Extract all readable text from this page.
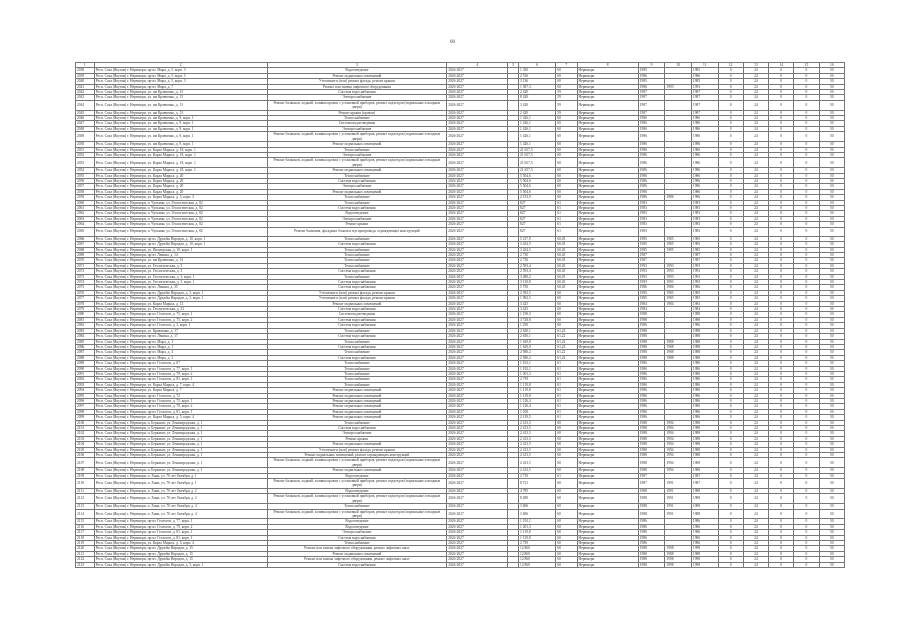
60
1	2	3	4	5	6	7	8	9	10	11	12	13	14	15	16
2038	Респ. Саха (Якутия) г. Нерюнгри, пр-кт. Мира, д. 5, корп. 3	Водоотведение	2026-2027		1 330	60	Нерюнгри	1985		1985	0	24	0	0	50
2039	Респ. Саха (Якутия) г. Нерюнгри, пр-кт. Мира, д. 5, корп. 3	Ремонт подвальных помещений	2026-2027		2 516	60	Нерюнгри	1986		1986	0	24	0	0	50
2040	Респ. Саха (Якутия) г. Нерюнгри, пр-кт. Мира, д. 5, корп. 3	Утепление и (или) ремонт фасада, ремонт крыши	2026-2027		3 136	60	Нерюнгри	1985		1985	0	24	0	0	50
2041	Респ. Саха (Якутия) г. Нерюнгри, пр-кт. Мира, д. 7	Ремонт или замена лифтового оборудования	2026-2027		1 587,3	60	Нерюнгри	1986	1993	1993	0	24	0	0	50
2042	Респ. Саха (Якутия) г. Нерюнгри, ул. им Кравченко, д. 13	Система водоснабжения	2026-2027		2 420	59	Нерюнгри	1987		1987	0	24	0	0	50
2043	Респ. Саха (Якутия) г. Нерюнгри, ул. им Кравченко, д. 13	Электроснабжение	2026-2027		8 420	59	Нерюнгри	1987		1987	0	24	0	0	50
2044	Респ. Саха (Якутия) г. Нерюнгри, ул. им Кравченко, д. 13	Ремонт балконов, лоджий, заливка кровли с установкой приборов, ремонт подъездов (подвальные и входные двери)	2026-2027		3 420	59	Нерюнгри	1987		1987	0	24	0	0	50
2045	Респ. Саха (Якутия) г. Нерюнгри, ул. им Кравченко, д. 13	Ремонт крыши (кровли)	2026-2027		2 420	59	Нерюнгри	1987		1987	0	24	0	0	50
2046	Респ. Саха (Якутия) г. Нерюнгри, ул. им Кравченко, д. 9, корп. 1	Теплоснабжение	2026-2027		1 426,1	60	Нерюнгри	1986		1986	0	24	0	0	50
2047	Респ. Саха (Якутия) г. Нерюнгри, ул. им Кравченко, д. 9, корп. 1	Система водоотведения	2026-2027		1 426,1	60	Нерюнгри	1986		1986	0	24	0	0	50
2048	Респ. Саха (Якутия) г. Нерюнгри, ул. им Кравченко, д. 9, корп. 1	Электроснабжение	2026-2027		1 426,1	60	Нерюнгри	1986		1986	0	24	0	0	50
2049	Респ. Саха (Якутия) г. Нерюнгри, ул. им Кравченко, д. 9, корп. 1	Ремонт балконов, лоджий, заливка кровли с установкой приборов, ремонт подъездов (подвальные и входные двери)	2026-2027		1 426,1	60	Нерюнгри	1986		1986	0	24	0	0	50
2050	Респ. Саха (Якутия) г. Нерюнгри, ул. им Кравченко, д. 9, корп. 1	Ремонт подвальных помещений	2026-2027		1 426,1	60	Нерюнгри	1986		1986	0	24	0	0	50
2051	Респ. Саха (Якутия) г. Нерюнгри, ул. Карла Маркса, д. 18, корп. 1	Теплоснабжение	2026-2027		21 657,3	60	Нерюнгри	1986		1986	0	24	0	0	50
2052	Респ. Саха (Якутия) г. Нерюнгри, ул. Карла Маркса, д. 18, корп. 1	Электроснабжение	2026-2027		21 657,3	60	Нерюнгри	1986		1986	0	24	0	0	50
2053	Респ. Саха (Якутия) г. Нерюнгри, ул. Карла Маркса, д. 18, корп. 1	Ремонт балконов, лоджий, заливка кровли с установкой приборов, ремонт подъездов (подвальные и входные двери)	2026-2027		21 657,3	60	Нерюнгри	1986		1986	0	24	0	0	50
2054	Респ. Саха (Якутия) г. Нерюнгри, ул. Карла Маркса, д. 18, корп. 1	Ремонт подвальных помещений	2026-2027		21 657,3	60	Нерюнгри	1986		1986	0	24	0	0	50
2055	Респ. Саха (Якутия) г. Нерюнгри, ул. Карла Маркса, д. 20	Теплоснабжение	2026-2027		5 504,6	60	Нерюнгри	1986		1986	0	24	0	0	50
2056	Респ. Саха (Якутия) г. Нерюнгри, ул. Карла Маркса, д. 20	Система водоснабжения	2026-2027		5 504,6	60	Нерюнгри	1986		1986	0	24	0	0	50
2057	Респ. Саха (Якутия) г. Нерюнгри, ул. Карла Маркса, д. 20	Электроснабжение	2026-2027		5 504,6	60	Нерюнгри	1986		1986	0	24	0	0	50
2058	Респ. Саха (Якутия) г. Нерюнгри, ул. Карла Маркса, д. 20	Ремонт подвальных помещений	2026-2027		5 504,6	60	Нерюнгри	1986		1986	0	24	0	0	50
2059	Респ. Саха (Якутия) г. Нерюнгри, ул. Карла Маркса, д. 5, корп. 3	Теплоснабжение	2026-2027		2 153,9	60	Нерюнгри	1986	1986	1986	0	24	0	0	50
2060	Респ. Саха (Якутия) г. Нерюнгри, п. Чульман, ул. Геологическая, д. 82	Теплоснабжение	2026-2027		827	61	Нерюнгри	1983		1983	0	24	0	0	50
2061	Респ. Саха (Якутия) г. Нерюнгри, п. Чульман, ул. Геологическая, д. 82	Система водоснабжения	2026-2027		827	61	Нерюнгри	1983		1983	0	24	0	0	50
2062	Респ. Саха (Якутия) г. Нерюнгри, п. Чульман, ул. Геологическая, д. 82	Водоотведение	2026-2027		827	61	Нерюнгри	1983		1983	0	24	0	0	50
2063	Респ. Саха (Якутия) г. Нерюнгри, п. Чульман, ул. Геологическая, д. 82	Электроснабжение	2026-2027		827	61	Нерюнгри	1983		1983	0	24	0	0	50
2064	Респ. Саха (Якутия) г. Нерюнгри, п. Чульман, ул. Геологическая, д. 82	Ремонт крыши	2026-2027		827	61	Нерюнгри	1983		1983	0	24	0	0	50
2065	Респ. Саха (Якутия) г. Нерюнгри, п. Чульман, ул. Геологическая, д. 82	Ремонт балконов, фасадных блоков и мусоропровода, ограждающих конструкций	2026-2027		827	61	Нерюнгри	1983		1983	0	24	0	0	50
2066	Респ. Саха (Якутия) г. Нерюнгри, пр-кт. Дружбы Народов, д. 10, корп. 1	Теплоснабжение	2026-2027		5 217,9	60,45	Нерюнгри	1985	1985	1985	0	24	0	0	50
2067	Респ. Саха (Якутия) г. Нерюнгри, пр-кт. Дружбы Народов, д. 10, корп. 1	Система водоснабжения	2026-2027		3 434,5	60,45	Нерюнгри	1985	1985	1985	0	24	0	0	50
2068	Респ. Саха (Якутия) г. Нерюнгри, ул. Пионерская, д. 10, корп. 1	Теплоснабжение	2026-2027		3 434,5	60,45	Нерюнгри	1985	1985	1985	0	24	0	0	50
2069	Респ. Саха (Якутия) г. Нерюнгри, пр-кт. Ленина, д. 14	Теплоснабжение	2026-2027		2 730	60,45	Нерюнгри	1987		1987	0	24	0	0	50
2070	Респ. Саха (Якутия) г. Нерюнгри, ул. им Кравченко, д. 14	Теплоснабжение	2026-2027		2 730	60,45	Нерюнгри	1987		1987	0	24	0	0	50
2071	Респ. Саха (Якутия) г. Нерюнгри, ул. Геологическая, д. 3	Теплоснабжение	2026-2027		2 593,4	60,45	Нерюнгри	1993	1993	1993	0	24	0	0	50
2072	Респ. Саха (Якутия) г. Нерюнгри, ул. Геологическая, д. 3	Система водоснабжения	2026-2027		2 593,4	60,45	Нерюнгри	1993	1993	1993	0	24	0	0	50
2073	Респ. Саха (Якутия) г. Нерюнгри, ул. Геологическая, д. 3, корп. 1	Теплоснабжение	2026-2027		3 480,2	60,45	Нерюнгри	1993	1993	1993	0	24	0	0	50
2074	Респ. Саха (Якутия) г. Нерюнгри, ул. Геологическая, д. 3, корп. 1	Система водоснабжения	2026-2027		3 110,8	60,45	Нерюнгри	1993	1993	1993	0	24	0	0	50
2075	Респ. Саха (Якутия) г. Нерюнгри, пр-кт. Ленина, д. 35	Система водоснабжения	2026-2027		5 750	60,45	Нерюнгри	1986	1986	1986	0	24	0	0	50
2076	Респ. Саха (Якутия) г. Нерюнгри, пр-кт. Дружбы Народов, д. 3, корп. 1	Утепление и (или) ремонт фасада, ремонт крыши	2026-2027		2 592,5	60	Нерюнгри	1985	1985	1985	0	24	0	0	50
2077	Респ. Саха (Якутия) г. Нерюнгри, пр-кт. Дружбы Народов, д. 3, корп. 1	Утепление и (или) ремонт фасада, ремонт крыши	2026-2027		1 992,5	60	Нерюнгри	1985	1985	1985	0	24	0	0	50
2078	Респ. Саха (Якутия) г. Нерюнгри, ул. Карла Маркса, д. 13	Ремонт подвальных помещений	2026-2027		3 425	60	Нерюнгри	1984	1984	1984	0	24	0	0	50
2079	Респ. Саха (Якутия) г. Нерюнгри, ул. Геологическая, д. 31	Система водоснабжения	2026-2027		3 425	60	Нерюнгри	1984		1984	0	24	0	0	50
2080	Респ. Саха (Якутия) г. Нерюнгри, пр-кт. Геологов, д. 75, корп. 1	Система водоотведения	2026-2027		1 190,3	60	Нерюнгри	1988		1988	0	24	0	0	50
2081	Респ. Саха (Якутия) г. Нерюнгри, пр-кт. Геологов, д. 75, корп. 2	Система водоснабжения	2026-2027		3 728,8	60	Нерюнгри	1988		1988	0	24	0	0	50
2082	Респ. Саха (Якутия) г. Нерюнгри, пр-кт. Геологов, д. 3, корп. 1	Система водоснабжения	2026-2027		1 250	60	Нерюнгри	1986		1986	0	24	0	0	50
2083	Респ. Саха (Якутия) г. Нерюнгри, ул. Кравченко, д. 17	Теплоснабжение	2026-2027		2 630,1	61,22	Нерюнгри	1988		1988	0	24	0	0	50
2084	Респ. Саха (Якутия) г. Нерюнгри, пр-кт. Ленина, д. 17	Система водоснабжения	2026-2027		2 630,1	61,22	Нерюнгри	1988		1988	0	24	0	0	50
2085	Респ. Саха (Якутия) г. Нерюнгри, пр-кт. Мира, д. 1	Теплоснабжение	2026-2027		1 629,8	61,22	Нерюнгри	1988	1988	1988	0	24	0	0	50
2086	Респ. Саха (Якутия) г. Нерюнгри, пр-кт. Мира, д. 1	Система водоснабжения	2026-2027		1 629,8	61,22	Нерюнгри	1988	1988	1988	0	24	0	0	50
2087	Респ. Саха (Якутия) г. Нерюнгри, пр-кт. Мира, д. 3	Теплоснабжение	2026-2027		2 580,2	61,22	Нерюнгри	1988	1988	1988	0	24	0	0	50
2088	Респ. Саха (Якутия) г. Нерюнгри, пр-кт. Мира, д. 3	Система водоснабжения	2026-2027		2 580,2	61,22	Нерюнгри	1988	1988	1988	0	24	0	0	50
2089	Респ. Саха (Якутия) г. Нерюнгри, пр-кт. Геологов, д. 67	Теплоснабжение	2026-2027		1 192,1	61	Нерюнгри	1986		1986	0	24	0	0	50
2090	Респ. Саха (Якутия) г. Нерюнгри, пр-кт. Геологов, д. 77, корп. 1	Теплоснабжение	2026-2027		1 192,1	61	Нерюнгри	1986		1986	0	24	0	0	50
2091	Респ. Саха (Якутия) г. Нерюнгри, пр-кт. Геологов, д. 79, корп. 2	Теплоснабжение	2026-2027		1 201,3	61	Нерюнгри	1986		1986	0	24	0	0	50
2092	Респ. Саха (Якутия) г. Нерюнгри, пр-кт. Геологов, д. 81, корп. 1	Теплоснабжение	2026-2027		2 739	61	Нерюнгри	1986		1986	0	24	0	0	50
2093	Респ. Саха (Якутия) г. Нерюнгри, ул. Карла Маркса, д. 7, корп. 4	Теплоснабжение	2026-2027		1 119,8	61	Нерюнгри	1986		1986	0	24	0	0	50
2094	Респ. Саха (Якутия) г. Нерюнгри, ул. Карла Маркса, д. 7	Ремонт подвальных помещений	2026-2027		1 119,8	61	Нерюнгри	1986		1986	0	24	0	0	50
2095	Респ. Саха (Якутия) г. Нерюнгри, пр-кт. Геологов, д. 72	Ремонт подвальных помещений	2026-2027		1 119,8	61	Нерюнгри	1986		1986	0	24	0	0	50
2096	Респ. Саха (Якутия) г. Нерюнгри, пр-кт. Геологов, д. 75, корп. 1	Ремонт подвальных помещений	2026-2027		1 126,4	61	Нерюнгри	1986		1986	0	24	0	0	50
2097	Респ. Саха (Якутия) г. Нерюнгри, пр-кт. Геологов, д. 79, корп. 2	Ремонт подвальных помещений	2026-2027		1 126,4	61	Нерюнгри	1986		1986	0	24	0	0	50
2098	Респ. Саха (Якутия) г. Нерюнгри, пр-кт. Геологов, д. 81, корп. 1	Ремонт подвальных помещений	2026-2027		1 100	61	Нерюнгри	1986		1986	0	24	0	0	50
2099	Респ. Саха (Якутия) г. Нерюнгри, ул. Карла Маркса, д. 5, корп. 4	Ремонт подвальных помещений	2026-2027		2 119,5	61	Нерюнгри	1986		1986	0	24	0	0	50
2100	Респ. Саха (Якутия) г. Нерюнгри, п. Беркакит, ул. Ленинградская, д. 1	Теплоснабжение	2026-2027		2 413,5	60	Нерюнгри	1988	1994	1988	0	24	0	0	50
2101	Респ. Саха (Якутия) г. Нерюнгри, п. Беркакит, ул. Ленинградская, д. 1	Система водоснабжения	2026-2027		2 413,5	60	Нерюнгри	1988	1994	1988	0	24	0	0	50
2102	Респ. Саха (Якутия) г. Нерюнгри, п. Беркакит, ул. Ленинградская, д. 1	Электроснабжение	2026-2027		2 413,5	60	Нерюнгри	1988	1994	1988	0	24	0	0	50
2103	Респ. Саха (Якутия) г. Нерюнгри, п. Беркакит, ул. Ленинградская, д. 1	Ремонт крыши	2026-2027		2 413,5	60	Нерюнгри	1988	1994	1988	0	24	0	0	50
2104	Респ. Саха (Якутия) г. Нерюнгри, п. Беркакит, ул. Ленинградская, д. 1	Ремонт подвальных помещений	2026-2027		2 413,5	60	Нерюнгри	1988	1994	1988	0	24	0	0	50
2105	Респ. Саха (Якутия) г. Нерюнгри, п. Беркакит, ул. Ленинградская, д. 1	Утепление и (или) ремонт фасада, ремонт крыши	2026-2027		2 413,5	60	Нерюнгри	1988	1994	1988	0	24	0	0	50
2106	Респ. Саха (Якутия) г. Нерюнгри, п. Беркакит, ул. Ленинградская, д. 1	Ремонт подвальных помещений, ремонт ограждающих конструкций	2026-2027		2 413,5	60	Нерюнгри	1988	1994	1988	0	24	0	0	50
2107	Респ. Саха (Якутия) г. Нерюнгри, п. Беркакит, ул. Ленинградская, д. 1	Ремонт балконов, лоджий, заливка кровли с установкой приборов, ремонт подъездов (подвальные и входные двери)	2026-2027		2 413,5	60	Нерюнгри	1988	1994	1988	0	24	0	0	50
2108	Респ. Саха (Якутия) г. Нерюнгри, п. Беркакит, ул. Ленинградская, д. 1	Ремонт подвальных помещений	2026-2027		2 413,5	60	Нерюнгри	1988	1994	1988	0	24	0	0	50
2109	Респ. Саха (Якутия) г. Нерюнгри, п. Хани, ул. 70 лет Октября, д. 1	Водоотведение	2026-2027		2 710	61	Нерюнгри	1987		1987	0	24	0	0	50
2110	Респ. Саха (Якутия) г. Нерюнгри, п. Хани, ул. 70 лет Октября, д. 1	Ремонт балконов, лоджий, заливка кровли с установкой приборов, ремонт подъездов (подвальные и входные двери)	2026-2027		8 721	60	Нерюнгри	1987	1991	1987	0	24	0	0	50
2111	Респ. Саха (Якутия) г. Нерюнгри, п. Хани, ул. 70 лет Октября, д. 2	Водоотведение	2026-2027		4 785	60	Нерюнгри	1988	1991	1988	0	24	0	0	50
2112	Респ. Саха (Якутия) г. Нерюнгри, п. Хани, ул. 70 лет Октября, д. 2	Ремонт балконов, лоджий, заливка кровли с установкой приборов, ремонт подъездов (подвальные и входные двери)	2026-2027		8 280	60	Нерюнгри	1988	1991	1988	0	24	0	0	50
2113	Респ. Саха (Якутия) г. Нерюнгри, п. Хани, ул. 70 лет Октября, д. 4	Теплоснабжение	2026-2027		3 606	60	Нерюнгри	1988	1991	1988	0	24	0	0	50
2114	Респ. Саха (Якутия) г. Нерюнгри, п. Хани, ул. 70 лет Октября, д. 4	Ремонт балконов, лоджий, заливка кровли с установкой приборов, ремонт подъездов (подвальные и входные двери)	2026-2027		3 606	60	Нерюнгри	1988	1991	1988	0	24	0	0	50
2115	Респ. Саха (Якутия) г. Нерюнгри, пр-кт. Геологов, д. 77, корп. 1	Водоотведение	2026-2027		1 192,1	60	Нерюнгри	1986		1986	0	24	0	0	50
2116	Респ. Саха (Якутия) г. Нерюнгри, пр-кт. Геологов, д. 79, корп. 2	Водоотведение	2026-2027		1 201,3	60	Нерюнгри	1986		1986	0	24	0	0	50
2117	Респ. Саха (Якутия) г. Нерюнгри, пр-кт. Геологов, д. 81, корп. 1	Электроснабжение	2026-2027		1 119,8	60	Нерюнгри	1986		1986	0	24	0	0	50
2118	Респ. Саха (Якутия) г. Нерюнгри, пр-кт. Геологов, д. 81, корп. 1	Система водоснабжения	2026-2027		1 119,8	60	Нерюнгри	1986		1986	0	24	0	0	50
2119	Респ. Саха (Якутия) г. Нерюнгри, ул. Карла Маркса, д. 5, корп. 4	Теплоснабжение	2026-2027		2 739	60	Нерюнгри	1986		1986	0	24	0	0	50
2120	Респ. Саха (Якутия) г. Нерюнгри, пр-кт. Дружбы Народов, д. 15	Ремонт или замена лифтового оборудования, ремонт лифтовых шахт	2026-2027		12 860	60	Нерюнгри	1988	1998	1998	0	24	0	0	50
2121	Респ. Саха (Якутия) г. Нерюнгри, пр-кт. Дружбы Народов, д. 15	Ремонт подвальных помещений	2026-2027		12 860	60	Нерюнгри	1988	1988	1988	0	24	0	0	50
2122	Респ. Саха (Якутия) г. Нерюнгри, пр-кт. Дружбы Народов, д. 15	Ремонт или замена лифтового оборудования, ремонт лифтовых шахт	2026-2027		12 860	60	Нерюнгри	1988	1998	1998	0	24	0	0	50
2123	Респ. Саха (Якутия) г. Нерюнгри, пр-кт. Дружбы Народов, д. 5, корп. 1	Система водоснабжения	2026-2027		12 860	60	Нерюнгри	1988	1998	1998	0	24	0	0	50
